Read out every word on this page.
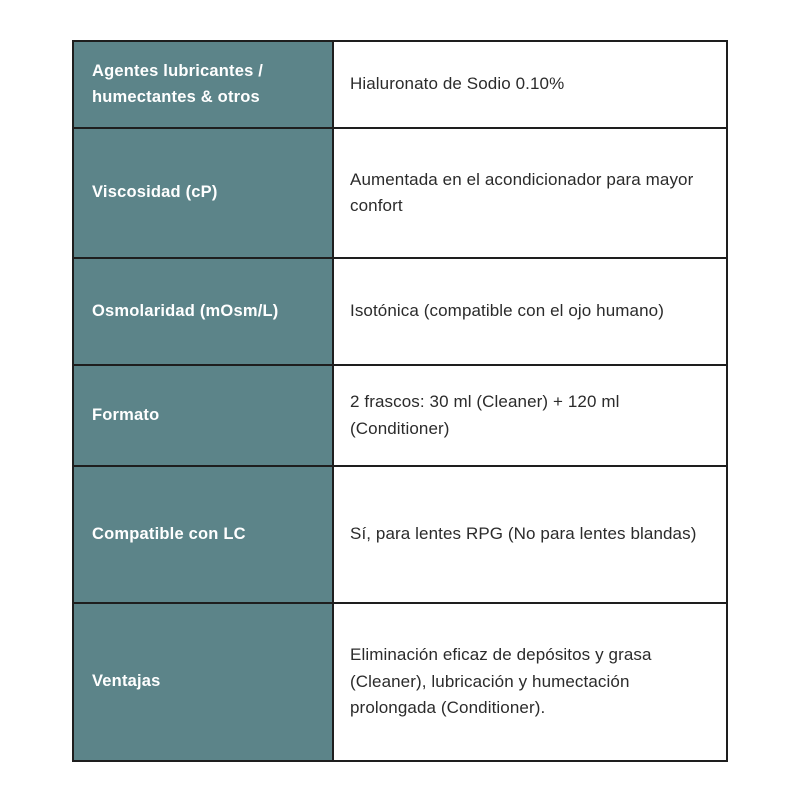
Agentes lubricantes / humectantes & otros
Hialuronato de Sodio 0.10%
Viscosidad (cP)
Aumentada en el acondicionador para mayor confort
Osmolaridad (mOsm/L)	Isotónica (compatible con el ojo humano)
Formato
2 frascos: 30 ml (Cleaner) + 120 ml (Conditioner)
Compatible con LC	Sí, para lentes RPG (No para lentes blandas)
Ventajas
Eliminación eficaz de depósitos y grasa (Cleaner), lubricación y humectación prolongada (Conditioner).
